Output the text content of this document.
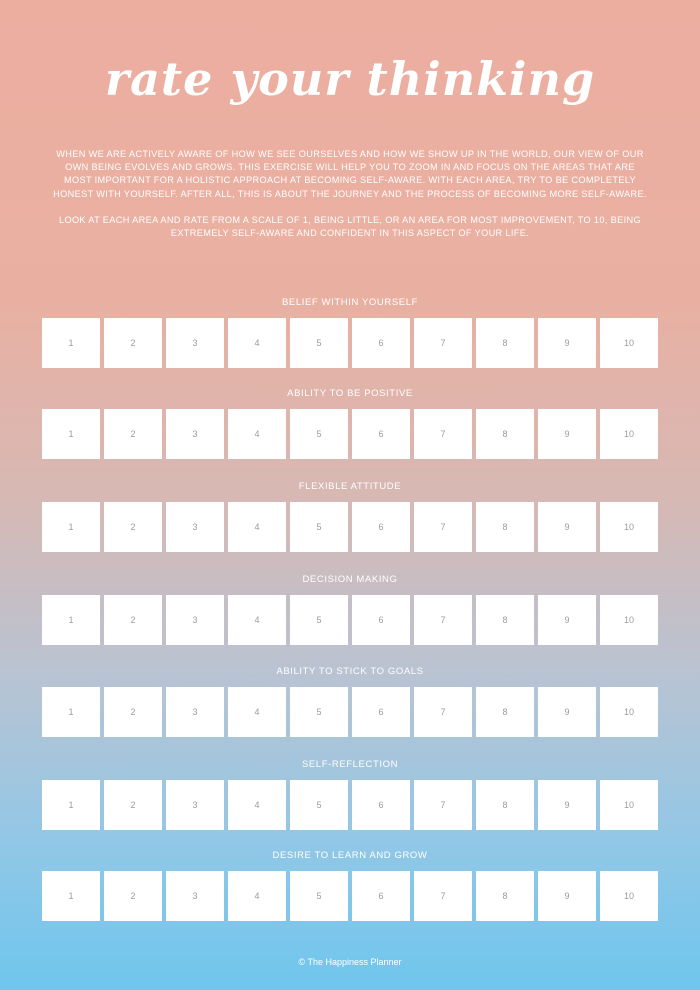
rate your thinking

WHEN WE ARE ACTIVELY AWARE OF HOW WE SEE OURSELVES AND HOW WE SHOW UP IN THE WORLD, OUR VIEW OF OUR OWN BEING EVOLVES AND GROWS. THIS EXERCISE WILL HELP YOU TO ZOOM IN AND FOCUS ON THE AREAS THAT ARE MOST IMPORTANT FOR A HOLISTIC APPROACH AT BECOMING SELF-AWARE. WITH EACH AREA, TRY TO BE COMPLETELY HONEST WITH YOURSELF. AFTER ALL, THIS IS ABOUT THE JOURNEY AND THE PROCESS OF BECOMING MORE SELF-AWARE.

LOOK AT EACH AREA AND RATE FROM A SCALE OF 1, BEING LITTLE, OR AN AREA FOR MOST IMPROVEMENT, TO 10, BEING EXTREMELY SELF-AWARE AND CONFIDENT IN THIS ASPECT OF YOUR LIFE.

BELIEF WITHIN YOURSELF
1	2	3	4	5	6	7	8	9	10
ABILITY TO BE POSITIVE
1	2	3	4	5	6	7	8	9	10
FLEXIBLE ATTITUDE
1	2	3	4	5	6	7	8	9	10
DECISION MAKING
1	2	3	4	5	6	7	8	9	10
ABILITY TO STICK TO GOALS
1	2	3	4	5	6	7	8	9	10
SELF-REFLECTION
1	2	3	4	5	6	7	8	9	10
DESIRE TO LEARN AND GROW
1	2	3	4	5	6	7	8	9	10
© The Happiness Planner
